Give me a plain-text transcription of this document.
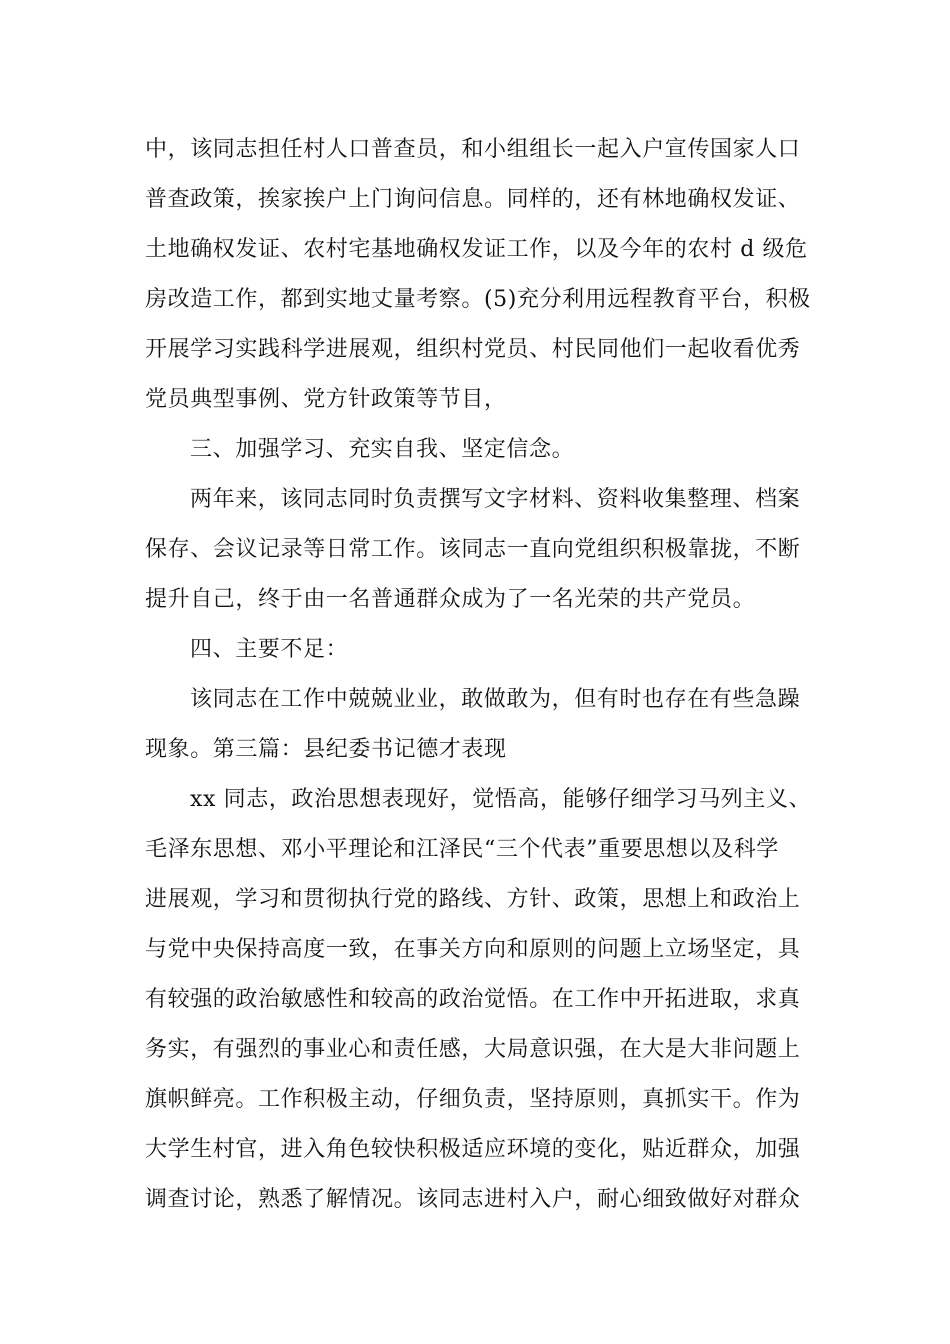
中，该同志担任村人口普查员，和小组组长一起入户宣传国家人口
普查政策，挨家挨户上门询问信息。同样的，还有林地确权发证、
土地确权发证、农村宅基地确权发证工作，以及今年的农村 d 级危
房改造工作，都到实地丈量考察。(5)充分利用远程教育平台，积极
开展学习实践科学进展观，组织村党员、村民同他们一起收看优秀
党员典型事例、党方针政策等节目，
三、加强学习、充实自我、坚定信念。
两年来，该同志同时负责撰写文字材料、资料收集整理、档案
保存、会议记录等日常工作。该同志一直向党组织积极靠拢，不断
提升自己，终于由一名普通群众成为了一名光荣的共产党员。
四、主要不足：
该同志在工作中兢兢业业，敢做敢为，但有时也存在有些急躁
现象。第三篇：县纪委书记德才表现
xx 同志，政治思想表现好，觉悟高，能够仔细学习马列主义、
毛泽东思想、邓小平理论和江泽民“三个代表”重要思想以及科学
进展观，学习和贯彻执行党的路线、方针、政策，思想上和政治上
与党中央保持高度一致，在事关方向和原则的问题上立场坚定，具
有较强的政治敏感性和较高的政治觉悟。在工作中开拓进取，求真
务实，有强烈的事业心和责任感，大局意识强，在大是大非问题上
旗帜鲜亮。工作积极主动，仔细负责，坚持原则，真抓实干。作为
大学生村官，进入角色较快积极适应环境的变化，贴近群众，加强
调查讨论，熟悉了解情况。该同志进村入户，耐心细致做好对群众
